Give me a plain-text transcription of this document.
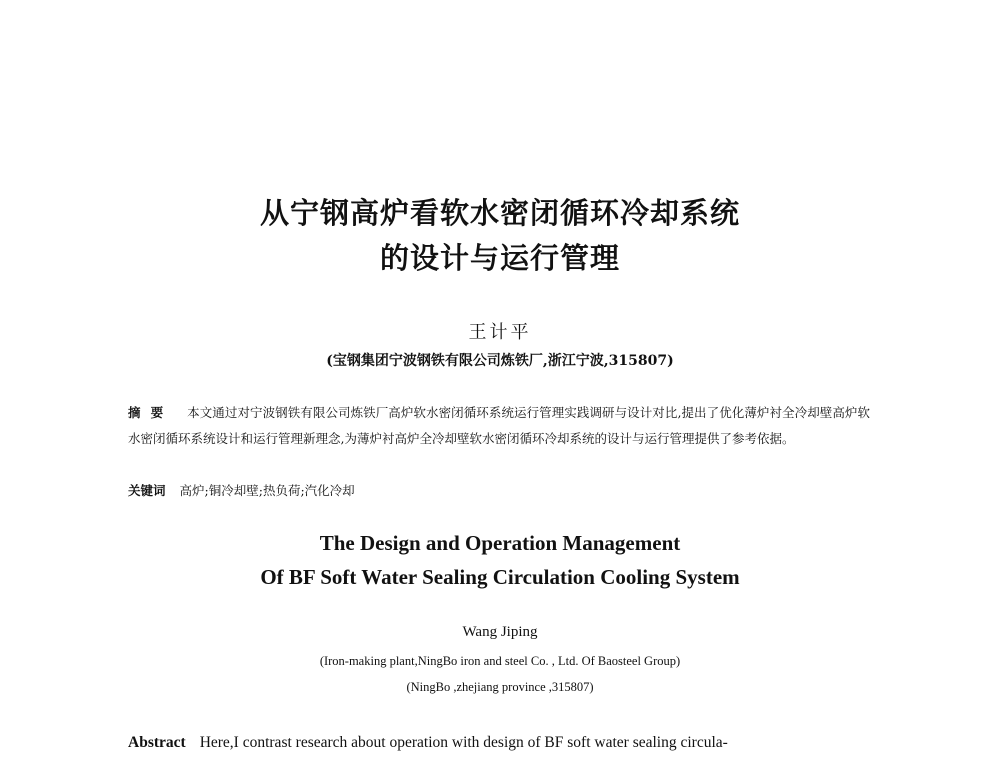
从宁钢高炉看软水密闭循环冷却系统
的设计与运行管理
王计平
(宝钢集团宁波钢铁有限公司炼铁厂,浙江宁波,315807)
摘要 本文通过对宁波钢铁有限公司炼铁厂高炉软水密闭循环系统运行管理实践调研与设计对比,提出了优化薄炉衬全冷却壁高炉软水密闭循环系统设计和运行管理新理念,为薄炉衬高炉全冷却壁软水密闭循环冷却系统的设计与运行管理提供了参考依据。
关键词 高炉;铜冷却壁;热负荷;汽化冷却
The Design and Operation Management
Of BF Soft Water Sealing Circulation Cooling System
Wang Jiping
(Iron-making plant,NingBo iron and steel Co. , Ltd. Of Baosteel Group)
(NingBo ,zhejiang province ,315807)
Abstract Here,I contrast research about operation with design of BF soft water sealing circula-
